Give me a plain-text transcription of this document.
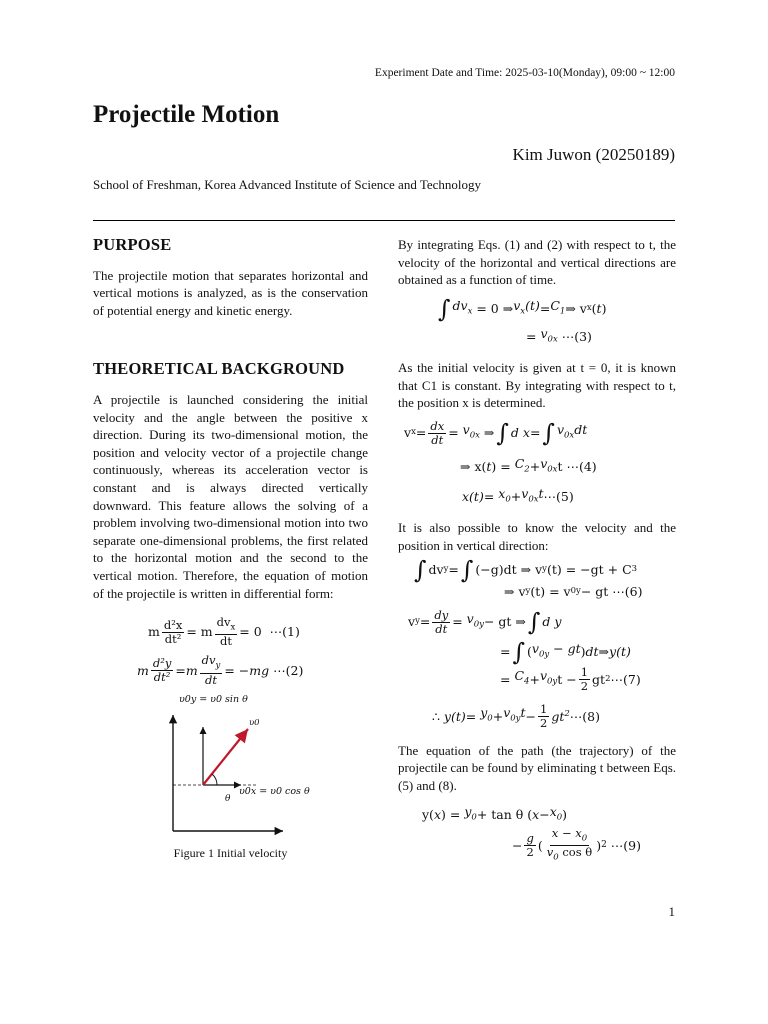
Experiment Date and Time: 2025-03-10(Monday), 09:00 ~ 12:00
Projectile Motion
Kim Juwon (20250189)
School of Freshman, Korea Advanced Institute of Science and Technology
PURPOSE

The projectile motion that separates horizontal and vertical motions is analyzed, as is the conservation of potential energy and kinetic energy.

THEORETICAL BACKGROUND

A projectile is launched considering the initial velocity and the angle between the positive x direction. During its two-dimensional motion, the position and velocity vector of a projectile change continuously, whereas its acceleration vector is constant and is always directed vertically downward. This feature allows the solving of a problem involving two-dimensional motion into two separate one-dimensional problems, the first related to the horizontal motion and the second to the vertical motion. Therefore, the equation of motion of the projectile is written in differential form:

m $\frac{\text{d²x}}{\text{dt²}} = m \frac{dv_x}{dt} = 0$  ⋯ (1)
m $\frac{\text{d²y}}{\text{dt²}} = m \frac{dv_y}{dt}$ = − mg ⋯ (2)
υ0y = υ0 sin θ
υ0
θ
υ0x = υ0 cos θ
Figure 1 Initial velocity

By integrating Eqs. (1) and (2) with respect to t, the velocity of the horizontal and vertical directions are obtained as a function of time.

∫ $dv_x = 0$ ⇒ $v_x(t) = C_1$ ⇒ v x ( t )
= $v_{0x}$ ⋯ (3)

As the initial velocity is given at t = 0, it is known that C1 is constant. By integrating with respect to t, the position x is determined.

v $x = \frac{dx}{dt} = v_{0x}$ ⇒ ∫ d x = ∫ $v_{0x}dt$
⇒ x( t ) = $C_2 + v_{0x}$ t ⋯ (4)
$x(t) = x_0 + v_{0x}t$ ⋯ (5)

It is also possible to know the velocity and the position in vertical direction:

∫ dv y = ∫ (−g)dt ⇒ v y (t) = −gt + C 3
⇒ v y (t) = v 0y − gt ⋯ (6)
v $y = \frac{dy}{dt} = v_{0y}$ − gt ⇒ ∫ d y
= ∫ ( $v_{0y}$ − gt ) dt ⇒ y(t)
= $C_4 + v_{0y}$ $t - \frac{1}{2}$ gt 2 ⋯ (7)
∴ $y(t) = y_0 + v_{0y}t - \frac{1}{2} gt^2$ ⋯ (8)

The equation of the path (the trajectory) of the projectile can be found by eliminating t between Eqs. (5) and (8).

y( x ) = $y_0 + \tan \theta$ ( $x - x_0$ )
− $\frac{g}{2}$ ( $\frac{x - x_0}{v_0 \cos \theta}$ ) 2 ⋯ (9)
1
